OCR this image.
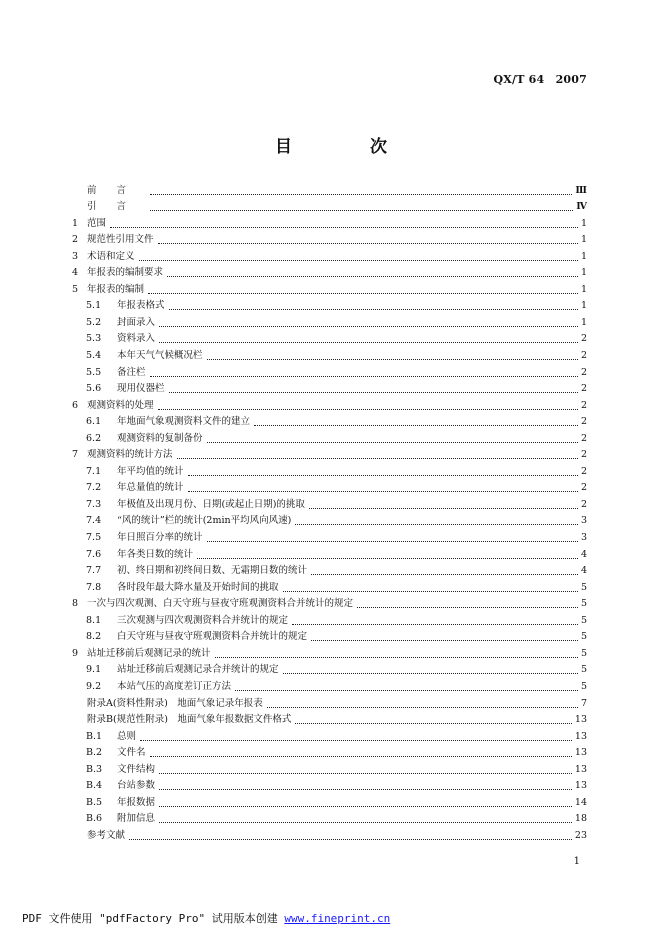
QX/T 64 2007
目 次
前言	Ⅲ
引言	Ⅳ
1 范围	1
2 规范性引用文件	1
3 术语和定义	1
4 年报表的编制要求	1
5 年报表的编制	1
5.1	年报表格式	1
5.2	封面录入	1
5.3	资料录入	2
5.4	本年天气气候概况栏	2
5.5	备注栏	2
5.6	现用仪器栏	2
6 观测资料的处理	2
6.1	年地面气象观测资料文件的建立	2
6.2	观测资料的复制备份	2
7 观测资料的统计方法	2
7.1	年平均值的统计	2
7.2	年总量值的统计	2
7.3	年极值及出现月份、日期(或起止日期)的挑取	2
7.4	“风的统计”栏的统计(2min平均风向风速)	3
7.5	年日照百分率的统计	3
7.6	年各类日数的统计	4
7.7	初、终日期和初终间日数、无霜期日数的统计	4
7.8	各时段年最大降水量及开始时间的挑取	5
8 一次与四次观测、白天守班与昼夜守班观测资料合并统计的规定	5
8.1	三次观测与四次观测资料合并统计的规定	5
8.2	白天守班与昼夜守班观测资料合并统计的规定	5
9 站址迁移前后观测记录的统计	5
9.1	站址迁移前后观测记录合并统计的规定	5
9.2	本站气压的高度差订正方法	5
附录A(资料性附录)　地面气象记录年报表	7
附录B(规范性附录)　地面气象年报数据文件格式	13
B.1	总则	13
B.2	文件名	13
B.3	文件结构	13
B.4	台站参数	13
B.5	年报数据	14
B.6	附加信息	18
参考文献	23
1
PDF 文件使用 "pdfFactory Pro" 试用版本创建 www.fineprint.cn
